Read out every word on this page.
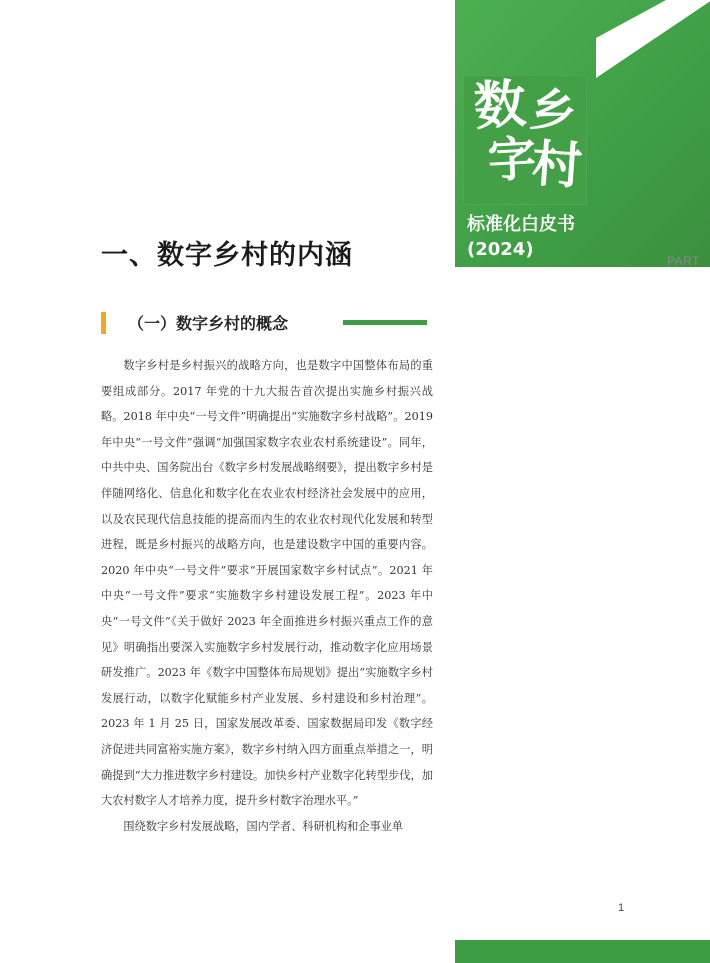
数 乡
字
村
标准化白皮书
(2024)
PART
一、数字乡村的内涵
（一）数字乡村的概念

数字乡村是乡村振兴的战略方向，也是数字中国整体布局的重要组成部分。2017 年党的十九大报告首次提出实施乡村振兴战略。2018 年中央“一号文件”明确提出“实施数字乡村战略”。2019 年中央“一号文件”强调“加强国家数字农业农村系统建设”。同年，中共中央、国务院出台《数字乡村发展战略纲要》，提出数字乡村是伴随网络化、信息化和数字化在农业农村经济社会发展中的应用，以及农民现代信息技能的提高而内生的农业农村现代化发展和转型进程，既是乡村振兴的战略方向，也是建设数字中国的重要内容。2020 年中央“一号文件”要求“开展国家数字乡村试点”。2021 年中央“一号文件”要求“实施数字乡村建设发展工程”。2023 年中央“一号文件”《关于做好 2023 年全面推进乡村振兴重点工作的意见》明确指出要深入实施数字乡村发展行动，推动数字化应用场景研发推广。2023 年《数字中国整体布局规划》提出“实施数字乡村发展行动，以数字化赋能乡村产业发展、乡村建设和乡村治理”。2023 年 1 月 25 日，国家发展改革委、国家数据局印发《数字经济促进共同富裕实施方案》，数字乡村纳入四方面重点举措之一，明确提到“大力推进数字乡村建设。加快乡村产业数字化转型步伐，加大农村数字人才培养力度，提升乡村数字治理水平。”

围绕数字乡村发展战略，国内学者、科研机构和企事业单

1
